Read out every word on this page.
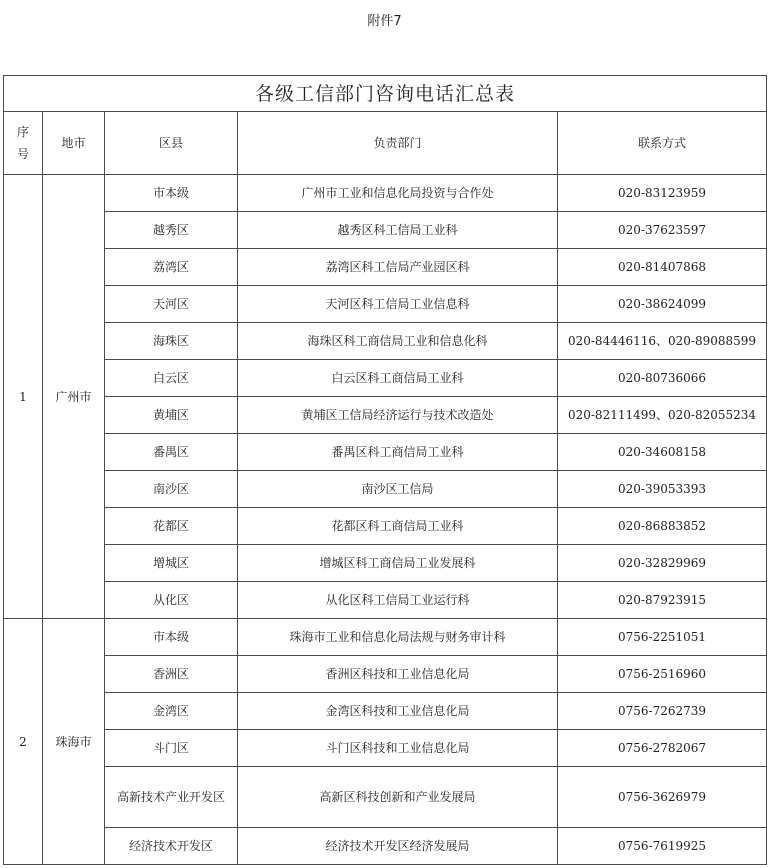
附件7
各级工信部门咨询电话汇总表				
序号	地市	区县	负责部门	联系方式
1	广州市	市本级	广州市工业和信息化局投资与合作处	020-83123959
		越秀区	越秀区科工信局工业科	020-37623597
		荔湾区	荔湾区科工信局产业园区科	020-81407868
		天河区	天河区科工信局工业信息科	020-38624099
		海珠区	海珠区科工商信局工业和信息化科	020-84446116、020-89088599
		白云区	白云区科工商信局工业科	020-80736066
		黄埔区	黄埔区工信局经济运行与技术改造处	020-82111499、020-82055234
		番禺区	番禺区科工商信局工业科	020-34608158
		南沙区	南沙区工信局	020-39053393
		花都区	花都区科工商信局工业科	020-86883852
		增城区	增城区科工商信局工业发展科	020-32829969
		从化区	从化区科工信局工业运行科	020-87923915
2	珠海市	市本级	珠海市工业和信息化局法规与财务审计科	0756-2251051
		香洲区	香洲区科技和工业信息化局	0756-2516960
		金湾区	金湾区科技和工业信息化局	0756-7262739
		斗门区	斗门区科技和工业信息化局	0756-2782067
		高新技术产业开发区	高新区科技创新和产业发展局	0756-3626979
		经济技术开发区	经济技术开发区经济发展局	0756-7619925
